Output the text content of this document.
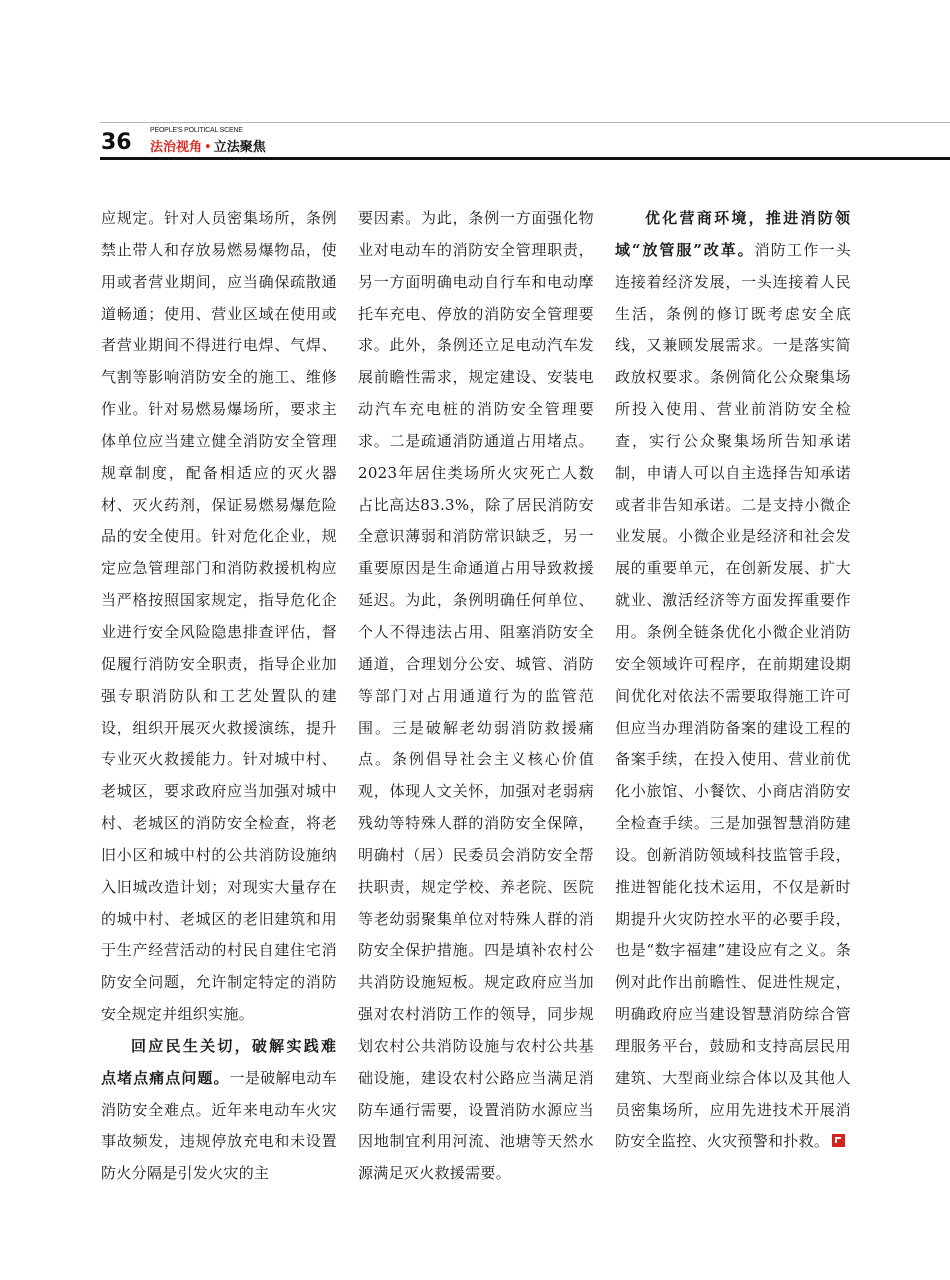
36	PEOPLE'S POLITICAL SCENE
法治视角 • 立法聚焦

应规定。针对人员密集场所，条例禁止带人和存放易燃易爆物品，使用或者营业期间，应当确保疏散通道畅通；使用、营业区域在使用或者营业期间不得进行电焊、气焊、气割等影响消防安全的施工、维修作业。针对易燃易爆场所，要求主体单位应当建立健全消防安全管理规章制度，配备相适应的灭火器材、灭火药剂，保证易燃易爆危险品的安全使用。针对危化企业，规定应急管理部门和消防救援机构应当严格按照国家规定，指导危化企业进行安全风险隐患排查评估，督促履行消防安全职责，指导企业加强专职消防队和工艺处置队的建设，组织开展灭火救援演练，提升专业灭火救援能力。针对城中村、老城区，要求政府应当加强对城中村、老城区的消防安全检查，将老旧小区和城中村的公共消防设施纳入旧城改造计划；对现实大量存在的城中村、老城区的老旧建筑和用于生产经营活动的村民自建住宅消防安全问题，允许制定特定的消防安全规定并组织实施。

回应民生关切，破解实践难点堵点痛点问题。一是破解电动车消防安全难点。近年来电动车火灾事故频发，违规停放充电和未设置防火分隔是引发火灾的主

要因素。为此，条例一方面强化物业对电动车的消防安全管理职责，另一方面明确电动自行车和电动摩托车充电、停放的消防安全管理要求。此外，条例还立足电动汽车发展前瞻性需求，规定建设、安装电动汽车充电桩的消防安全管理要求。二是疏通消防通道占用堵点。2023年居住类场所火灾死亡人数占比高达83.3%，除了居民消防安全意识薄弱和消防常识缺乏，另一重要原因是生命通道占用导致救援延迟。为此，条例明确任何单位、个人不得违法占用、阻塞消防安全通道，合理划分公安、城管、消防等部门对占用通道行为的监管范围。三是破解老幼弱消防救援痛点。条例倡导社会主义核心价值观，体现人文关怀，加强对老弱病残幼等特殊人群的消防安全保障，明确村（居）民委员会消防安全帮扶职责，规定学校、养老院、医院等老幼弱聚集单位对特殊人群的消防安全保护措施。四是填补农村公共消防设施短板。规定政府应当加强对农村消防工作的领导，同步规划农村公共消防设施与农村公共基础设施，建设农村公路应当满足消防车通行需要，设置消防水源应当因地制宜利用河流、池塘等天然水源满足灭火救援需要。

优化营商环境，推进消防领域“放管服”改革。消防工作一头连接着经济发展，一头连接着人民生活，条例的修订既考虑安全底线，又兼顾发展需求。一是落实简政放权要求。条例简化公众聚集场所投入使用、营业前消防安全检查，实行公众聚集场所告知承诺制，申请人可以自主选择告知承诺或者非告知承诺。二是支持小微企业发展。小微企业是经济和社会发展的重要单元，在创新发展、扩大就业、激活经济等方面发挥重要作用。条例全链条优化小微企业消防安全领域许可程序，在前期建设期间优化对依法不需要取得施工许可但应当办理消防备案的建设工程的备案手续，在投入使用、营业前优化小旅馆、小餐饮、小商店消防安全检查手续。三是加强智慧消防建设。创新消防领域科技监管手段，推进智能化技术运用，不仅是新时期提升火灾防控水平的必要手段，也是“数字福建”建设应有之义。条例对此作出前瞻性、促进性规定，明确政府应当建设智慧消防综合管理服务平台，鼓励和支持高层民用建筑、大型商业综合体以及其他人员密集场所，应用先进技术开展消防安全监控、火灾预警和扑救。
